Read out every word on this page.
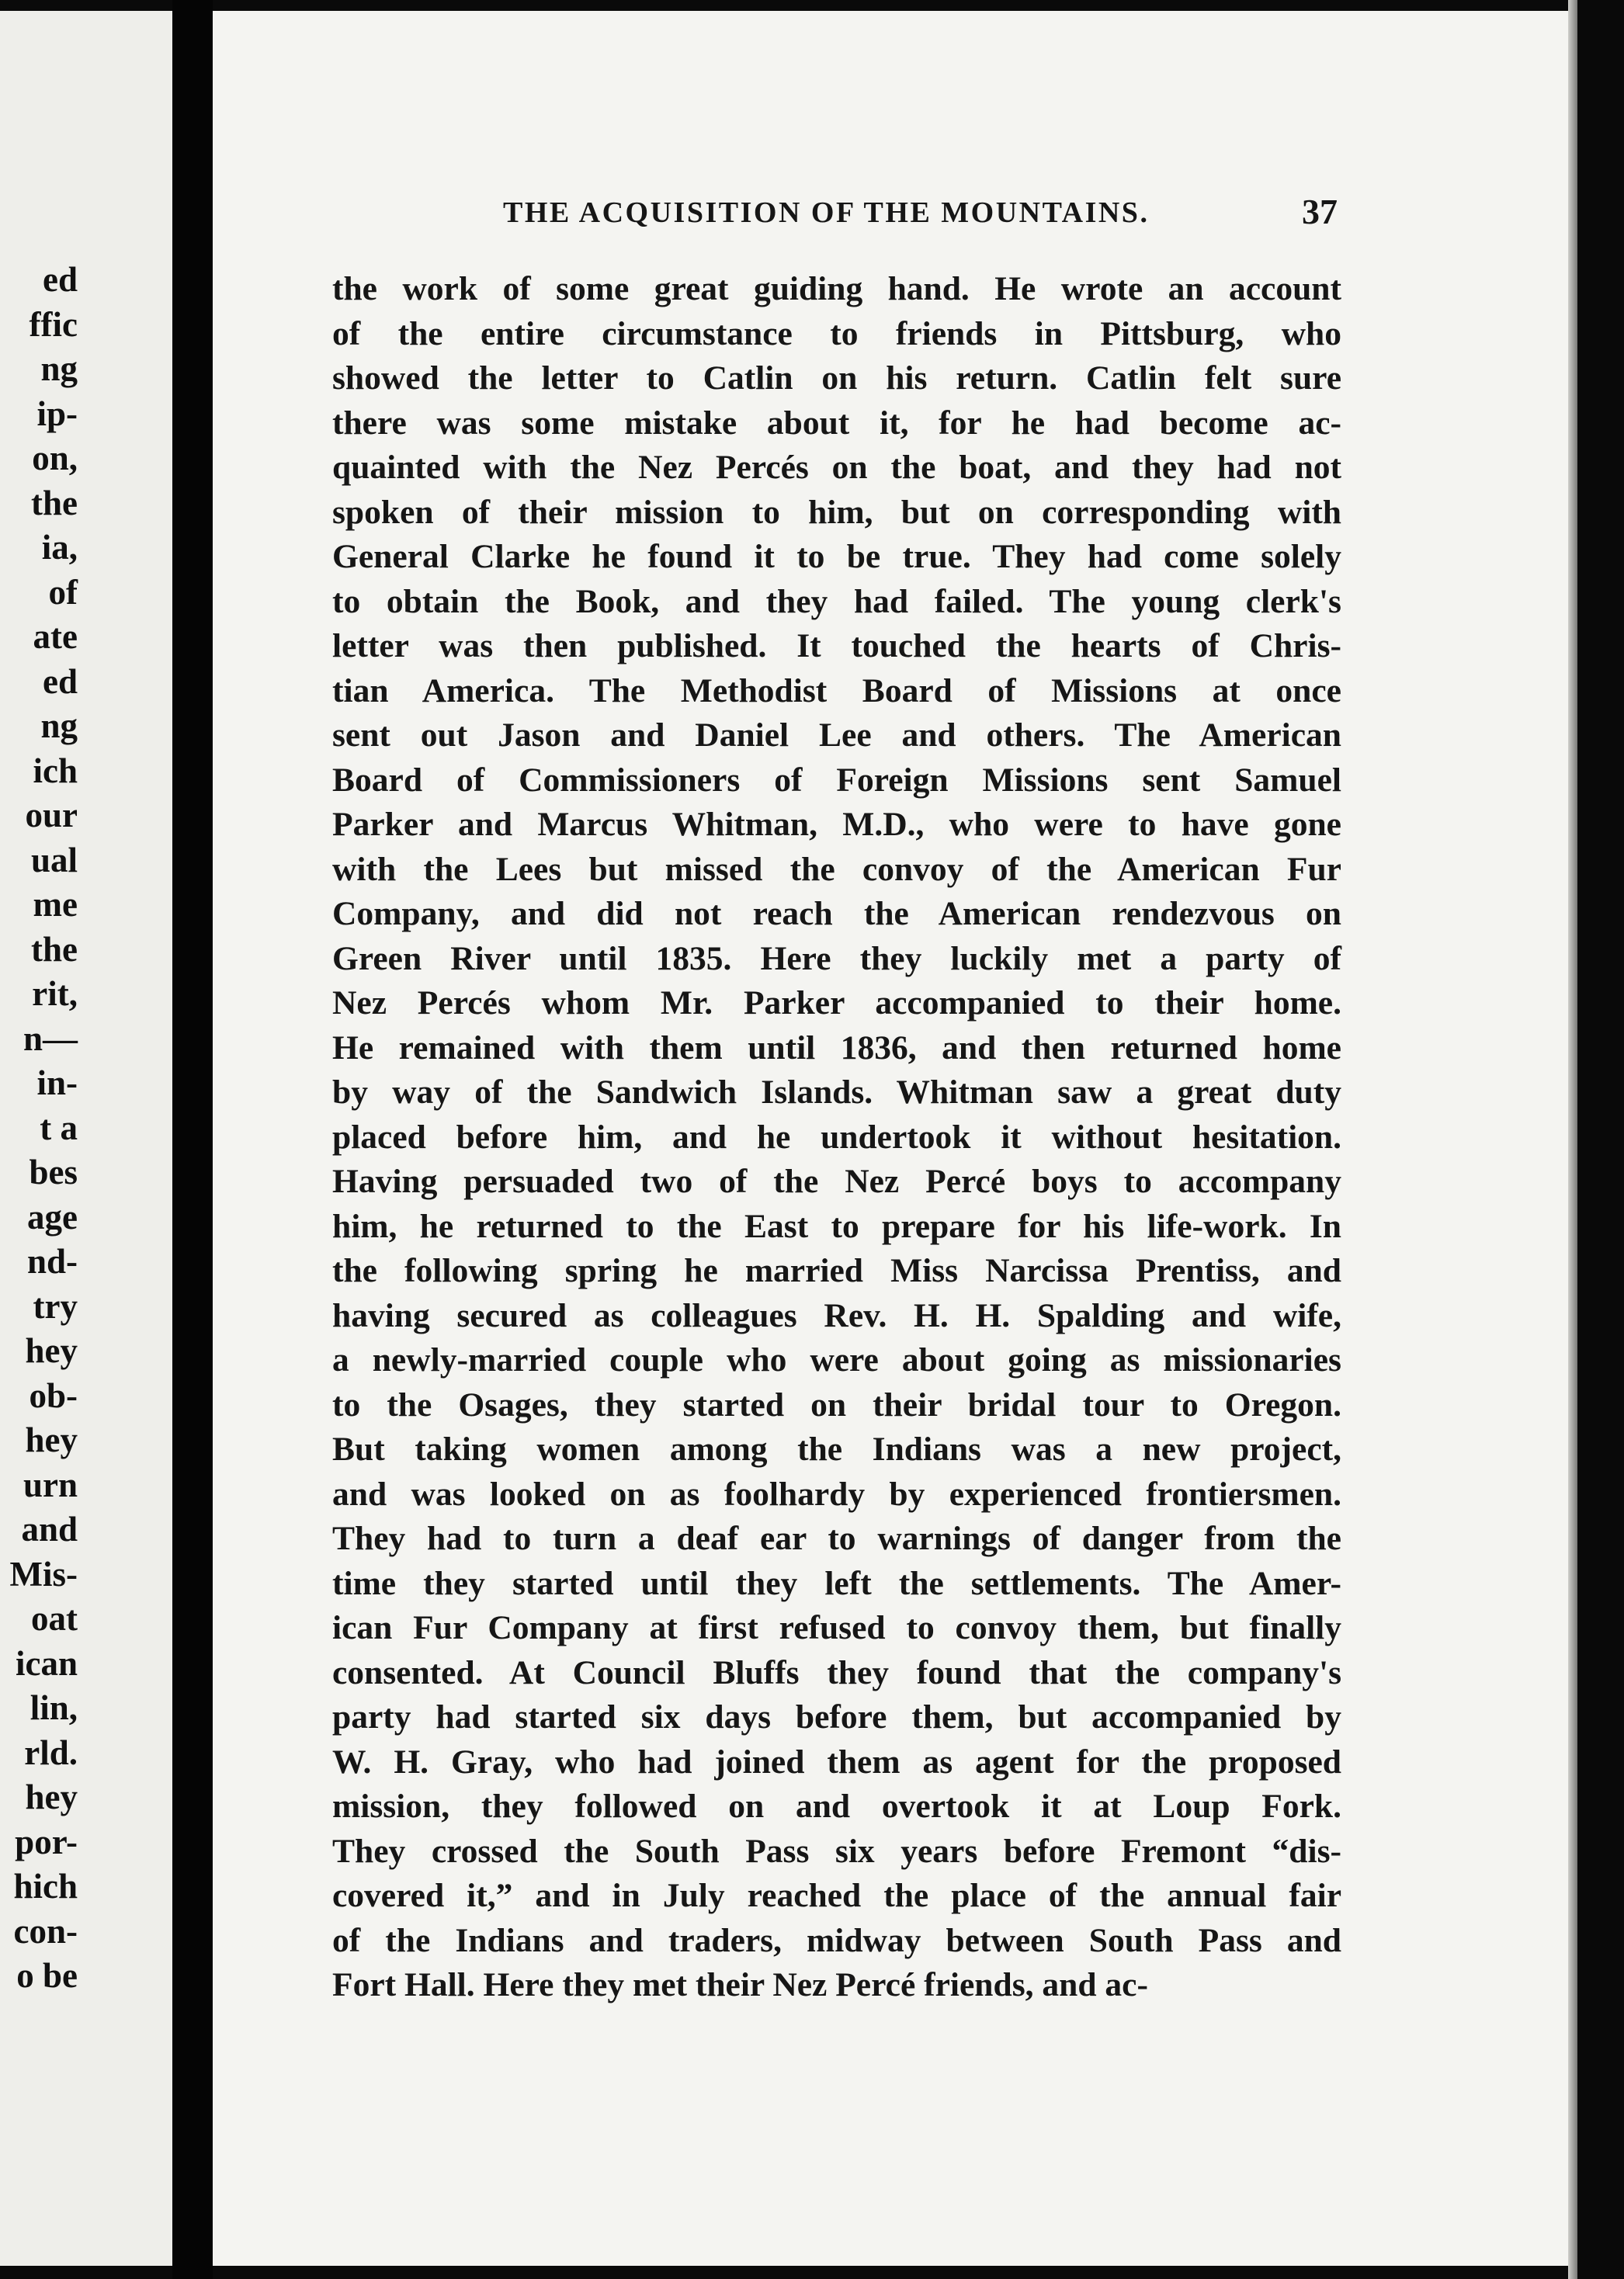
ed
ffic
ng
ip-
on,
the
ia,
of
ate
ed
ng
ich
our
ual
me
the
rit,
n—
in-
t a
bes
age
nd-
try
hey
ob-
hey
urn
and
Mis-
oat
ican
lin,
rld.
hey
por-
hich
con-
o be
THE ACQUISITION OF THE MOUNTAINS.	37
the work of some great guiding hand. He wrote an account
of the entire circumstance to friends in Pittsburg, who
showed the letter to Catlin on his return. Catlin felt sure
there was some mistake about it, for he had become ac-
quainted with the Nez Percés on the boat, and they had not
spoken of their mission to him, but on corresponding with
General Clarke he found it to be true. They had come solely
to obtain the Book, and they had failed. The young clerk's
letter was then published. It touched the hearts of Chris-
tian America. The Methodist Board of Missions at once
sent out Jason and Daniel Lee and others. The American
Board of Commissioners of Foreign Missions sent Samuel
Parker and Marcus Whitman, M.D., who were to have gone
with the Lees but missed the convoy of the American Fur
Company, and did not reach the American rendezvous on
Green River until 1835. Here they luckily met a party of
Nez Percés whom Mr. Parker accompanied to their home.
He remained with them until 1836, and then returned home
by way of the Sandwich Islands. Whitman saw a great duty
placed before him, and he undertook it without hesitation.
Having persuaded two of the Nez Percé boys to accompany
him, he returned to the East to prepare for his life-work. In
the following spring he married Miss Narcissa Prentiss, and
having secured as colleagues Rev. H. H. Spalding and wife,
a newly-married couple who were about going as missionaries
to the Osages, they started on their bridal tour to Oregon.
But taking women among the Indians was a new project,
and was looked on as foolhardy by experienced frontiersmen.
They had to turn a deaf ear to warnings of danger from the
time they started until they left the settlements. The Amer-
ican Fur Company at first refused to convoy them, but finally
consented. At Council Bluffs they found that the company's
party had started six days before them, but accompanied by
W. H. Gray, who had joined them as agent for the proposed
mission, they followed on and overtook it at Loup Fork.
They crossed the South Pass six years before Fremont “dis-
covered it,” and in July reached the place of the annual fair
of the Indians and traders, midway between South Pass and
Fort Hall. Here they met their Nez Percé friends, and ac-
